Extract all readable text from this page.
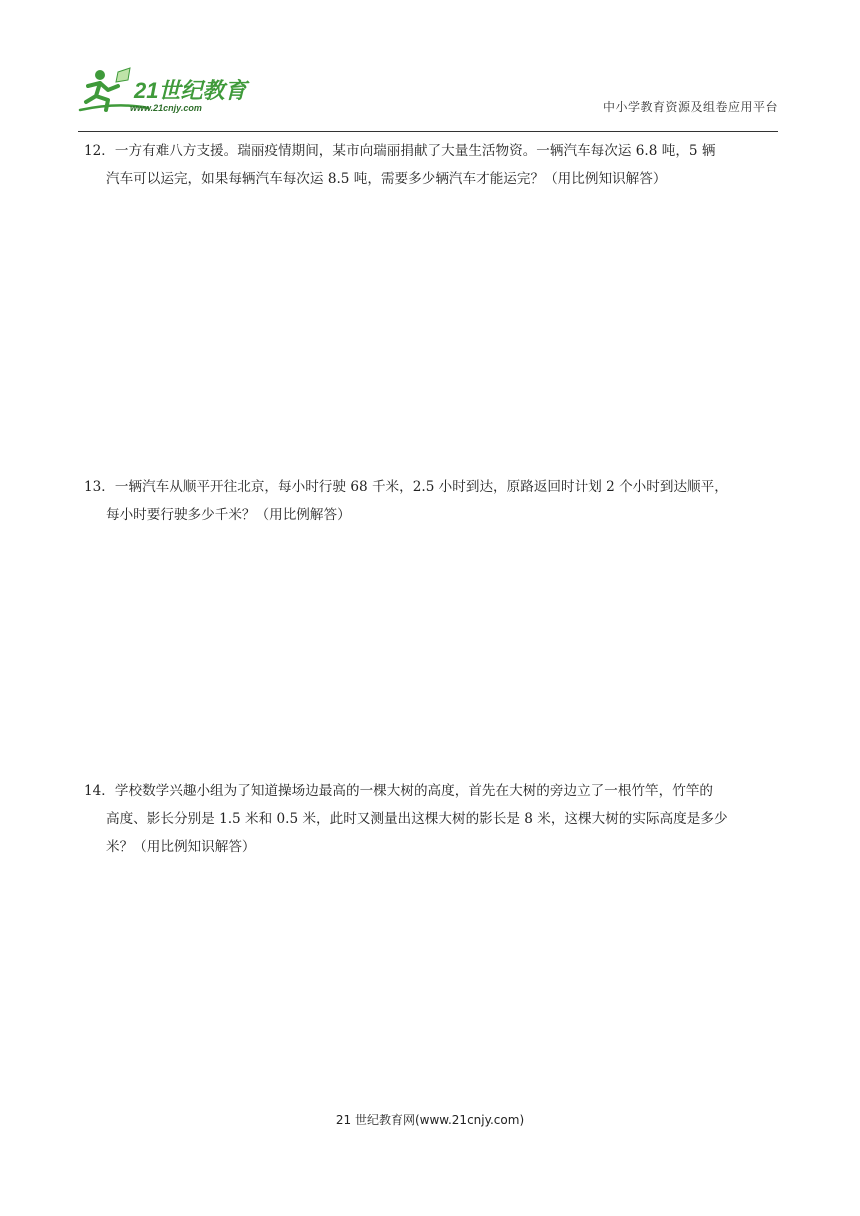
21世纪教育
www.21cnjy.com	中小学教育资源及组卷应用平台

12．一方有难八方支援。瑞丽疫情期间，某市向瑞丽捐献了大量生活物资。一辆汽车每次运 6.8 吨，5 辆

汽车可以运完，如果每辆汽车每次运 8.5 吨，需要多少辆汽车才能运完？（用比例知识解答）

13．一辆汽车从顺平开往北京，每小时行驶 68 千米，2.5 小时到达，原路返回时计划 2 个小时到达顺平，

每小时要行驶多少千米？（用比例解答）

14．学校数学兴趣小组为了知道操场边最高的一棵大树的高度，首先在大树的旁边立了一根竹竿，竹竿的

高度、影长分别是 1.5 米和 0.5 米，此时又测量出这棵大树的影长是 8 米，这棵大树的实际高度是多少

米？（用比例知识解答）

21 世纪教育网(www.21cnjy.com)
